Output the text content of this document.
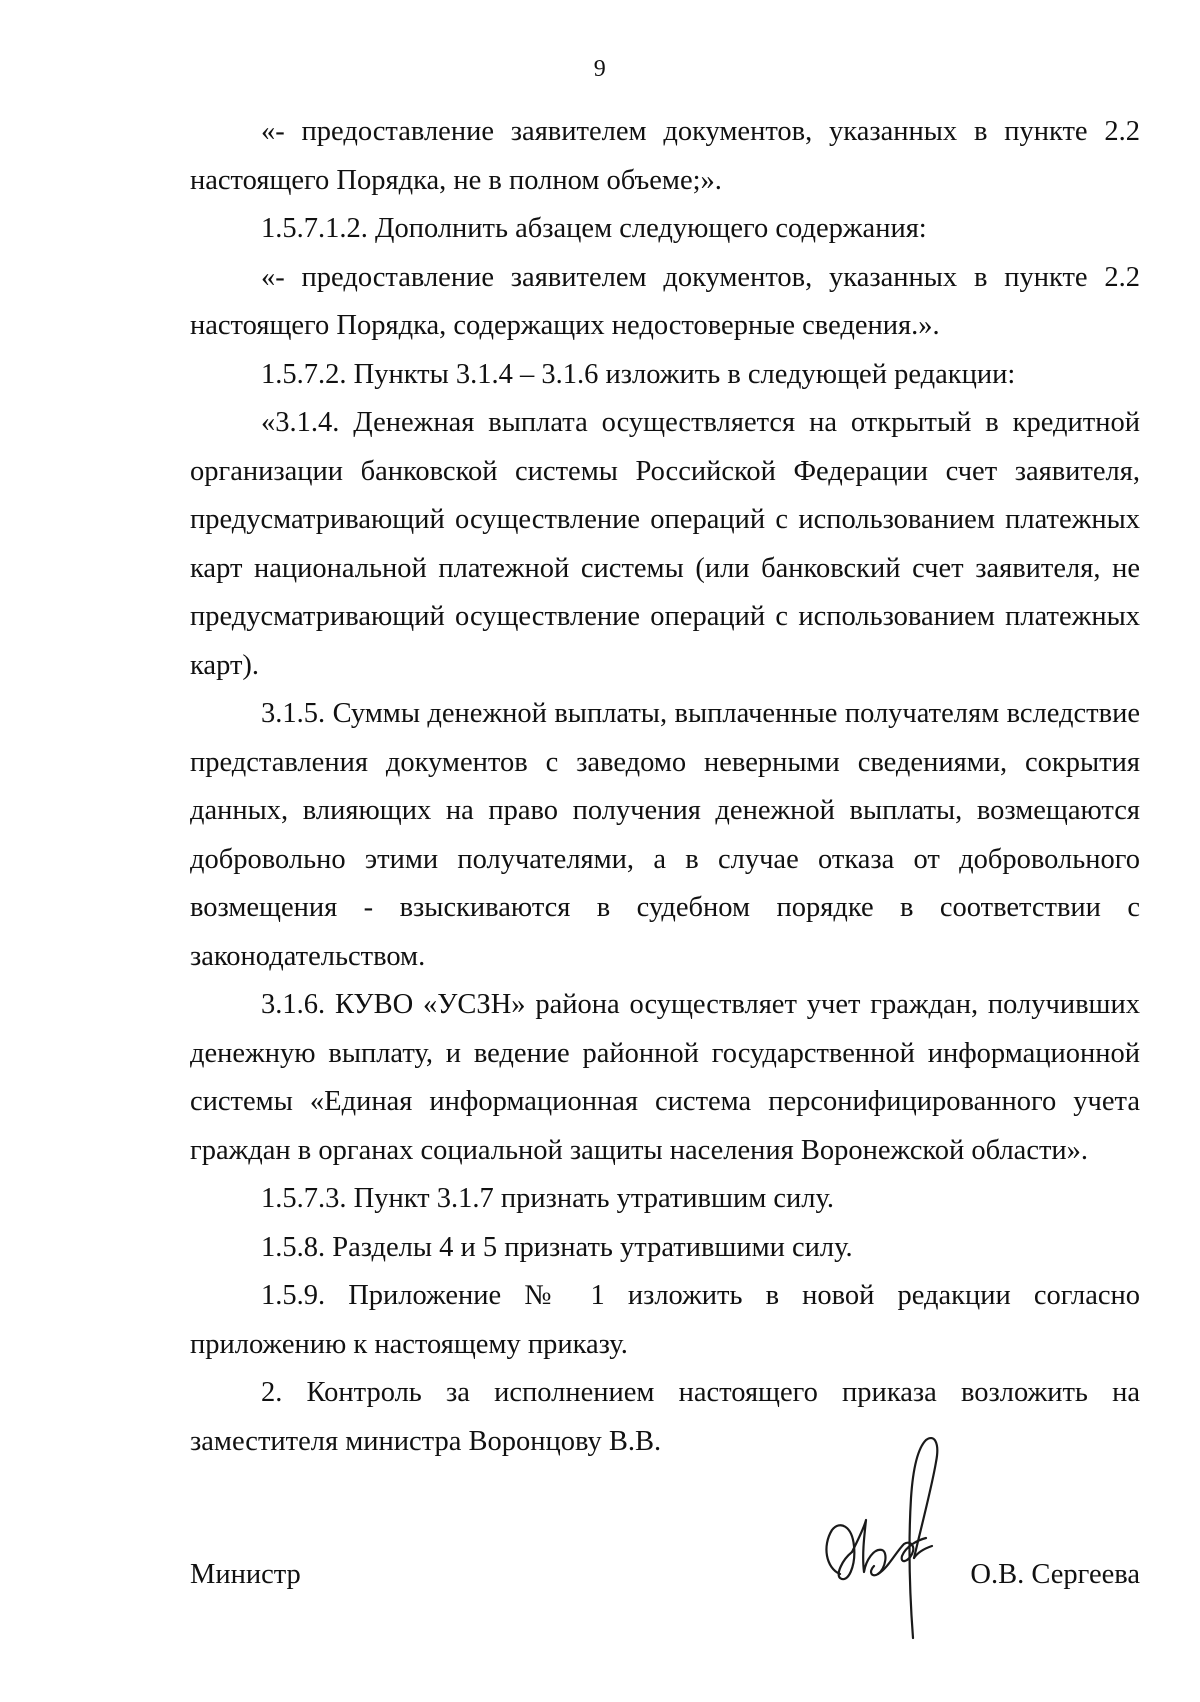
9

«- предоставление заявителем документов, указанных в пункте 2.2 настоящего Порядка, не в полном объеме;».

1.5.7.1.2. Дополнить абзацем следующего содержания:

«- предоставление заявителем документов, указанных в пункте 2.2 настоящего Порядка, содержащих недостоверные сведения.».

1.5.7.2. Пункты 3.1.4 – 3.1.6 изложить в следующей редакции:

«3.1.4. Денежная выплата осуществляется на открытый в кредитной организации банковской системы Российской Федерации счет заявителя, предусматривающий осуществление операций с использованием платежных карт национальной платежной системы (или банковский счет заявителя, не предусматривающий осуществление операций с использованием платежных карт).

3.1.5. Суммы денежной выплаты, выплаченные получателям вследствие представления документов с заведомо неверными сведениями, сокрытия данных, влияющих на право получения денежной выплаты, возмещаются добровольно этими получателями, а в случае отказа от добровольного возмещения - взыскиваются в судебном порядке в соответствии с законодательством.

3.1.6. КУВО «УСЗН» района осуществляет учет граждан, получивших денежную выплату, и ведение районной государственной информационной системы «Единая информационная система персонифицированного учета граждан в органах социальной защиты населения Воронежской области».

1.5.7.3. Пункт 3.1.7 признать утратившим силу.

1.5.8. Разделы 4 и 5 признать утратившими силу.

1.5.9. Приложение № 1 изложить в новой редакции согласно приложению к настоящему приказу.

2. Контроль за исполнением настоящего приказа возложить на заместителя министра Воронцову В.В.

Министр	О.В. Сергеева
